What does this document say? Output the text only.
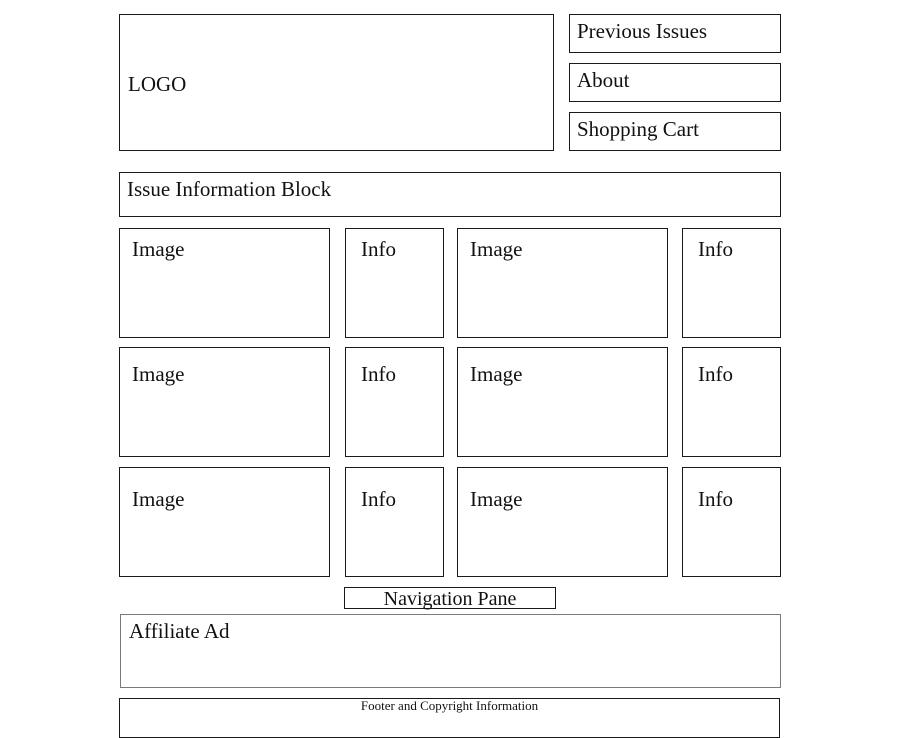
LOGO
Previous Issues
About
Shopping Cart
Issue Information Block
Image	Info	Image	Info
Image	Info	Image	Info
Image	Info	Image	Info
Navigation Pane
Affiliate Ad
Footer and Copyright Information
